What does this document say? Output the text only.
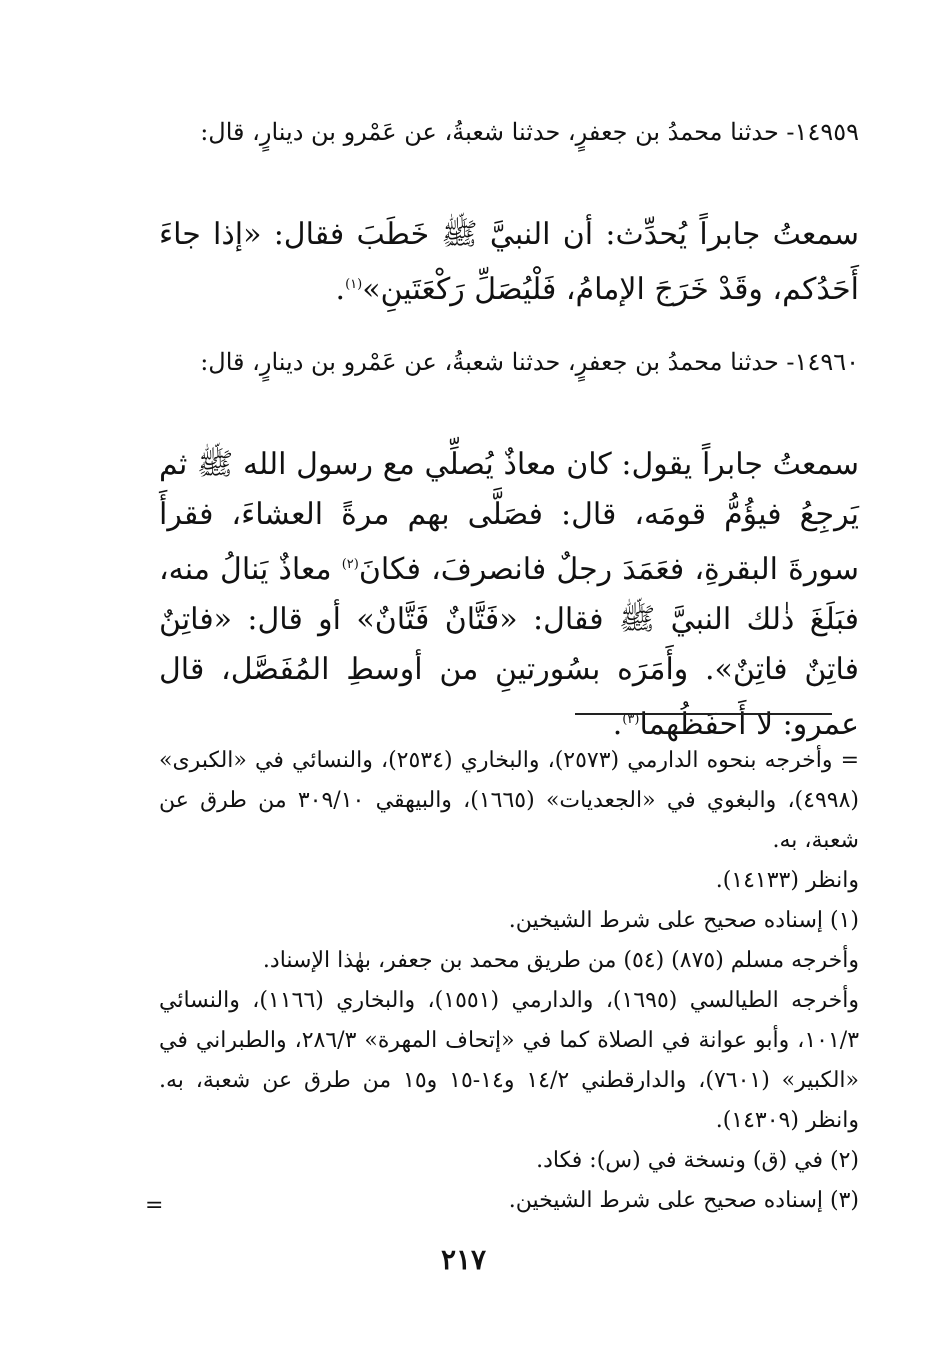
١٤٩٥٩- حدثنا محمدُ بن جعفرٍ، حدثنا شعبةُ، عن عَمْرو بن دينارٍ، قال:
سمعتُ جابراً يُحدِّث: أن النبيَّ ﷺ خَطَبَ فقال: «إذا جاءَ أَحَدُكم، وقَدْ خَرَجَ الإمامُ، فَلْيُصَلِّ رَكْعَتَينِ»$^{(١)}$.
١٤٩٦٠- حدثنا محمدُ بن جعفرٍ، حدثنا شعبةُ، عن عَمْرو بن دينارٍ، قال:
سمعتُ جابراً يقول: كان معاذٌ يُصلِّي مع رسول الله ﷺ ثم يَرجِعُ فيؤُمُّ قومَه، قال: فصَلَّى بهم مرةً العشاءَ، فقرأَ سورةَ البقرةِ، فعَمَدَ رجلٌ فانصرفَ، فكانَ$^{(٢)}$ معاذٌ يَنالُ منه، فبَلَغَ ذٰلك النبيَّ ﷺ فقال: «فَتَّانٌ فَتَّانٌ» أو قال: «فاتِنٌ فاتِنٌ فاتِنٌ». وأَمَرَه بسُورتينِ من أوسطِ المُفَصَّل، قال عمرو: لا أَحفَظُهما$^{(٣)}$.
= وأخرجه بنحوه الدارمي (٢٥٧٣)، والبخاري (٢٥٣٤)، والنسائي في «الكبرى» (٤٩٩٨)، والبغوي في «الجعديات» (١٦٦٥)، والبيهقي ٣٠٩/١٠ من طرق عن شعبة، به.
وانظر (١٤١٣٣).
(١) إسناده صحيح على شرط الشيخين.
وأخرجه مسلم (٨٧٥) (٥٤) من طريق محمد بن جعفر، بهٰذا الإسناد.
وأخرجه الطيالسي (١٦٩٥)، والدارمي (١٥٥١)، والبخاري (١١٦٦)، والنسائي ١٠١/٣، وأبو عوانة في الصلاة كما في «إتحاف المهرة» ٢٨٦/٣، والطبراني في «الكبير» (٧٦٠١)، والدارقطني ١٤/٢ و١٤-١٥ و١٥ من طرق عن شعبة، به. وانظر (١٤٣٠٩).
(٢) في (ق) ونسخة في (س): فكاد.
(٣) إسناده صحيح على شرط الشيخين.
=
٢١٧
